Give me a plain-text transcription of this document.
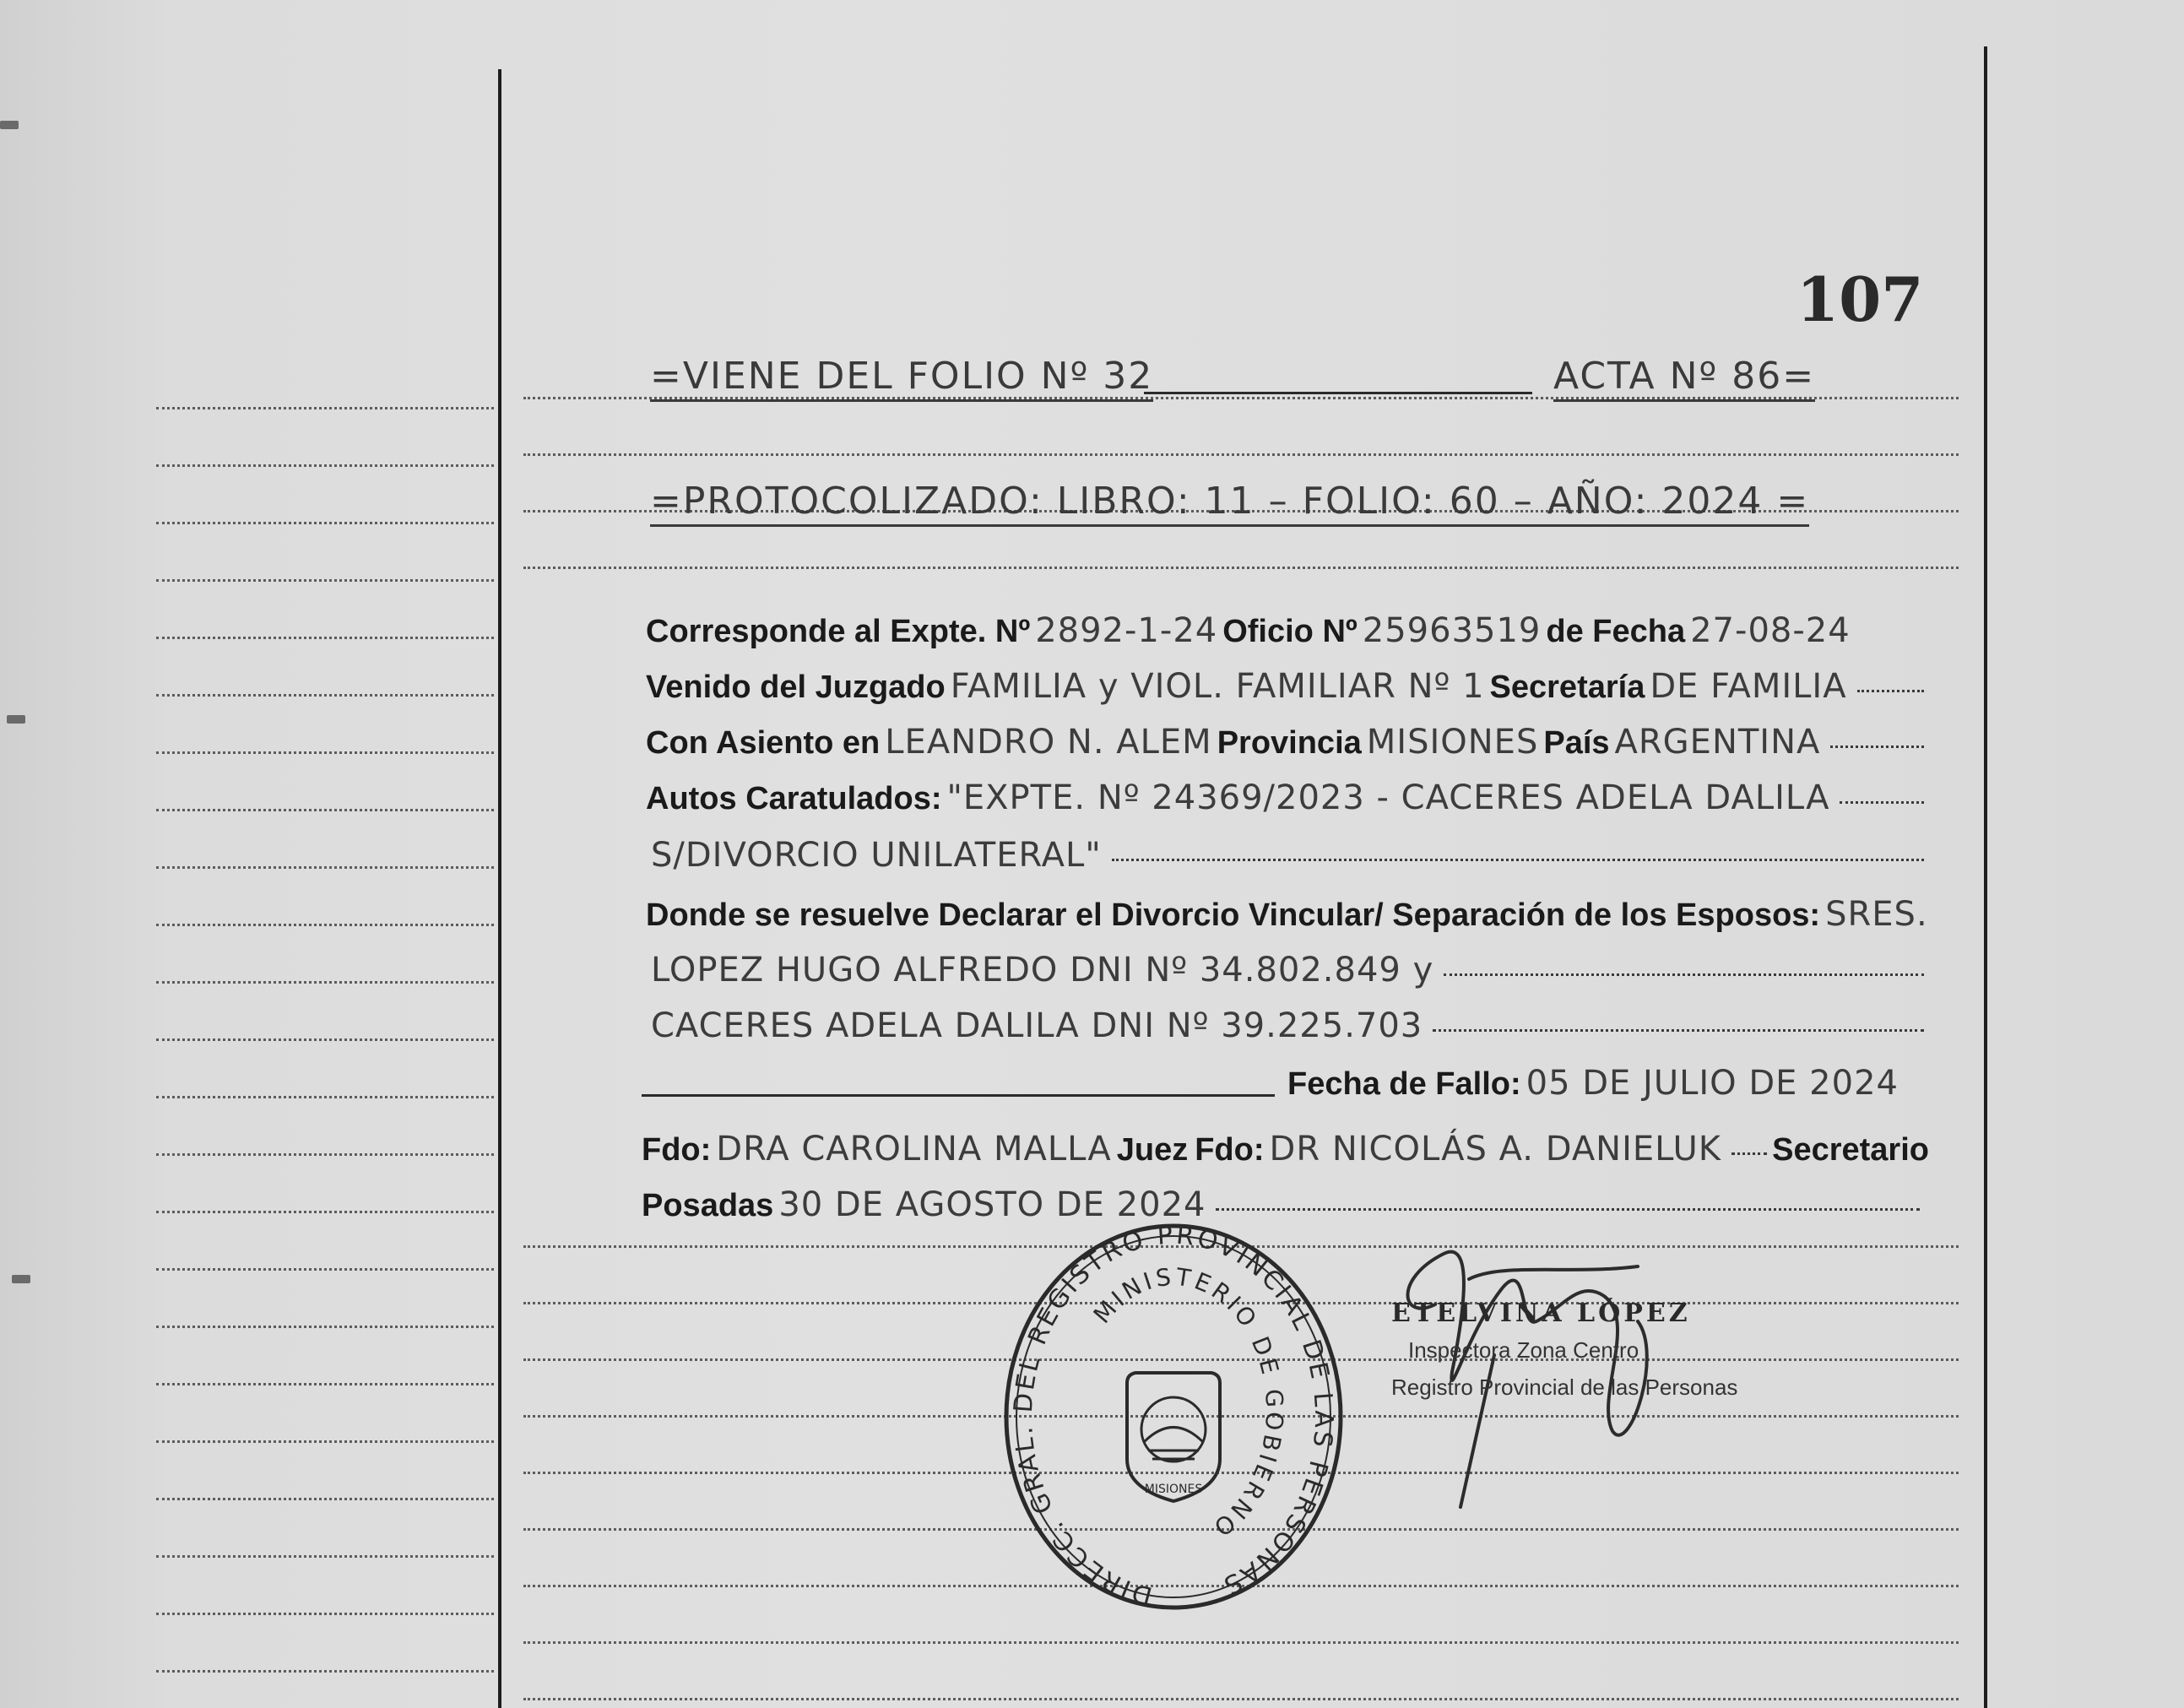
107
=VIENE DEL FOLIO Nº 32	ACTA Nº 86=
=PROTOCOLIZADO: LIBRO: 11 – FOLIO: 60 – AÑO: 2024 =
Corresponde al Expte. Nº 2892-1-24 Oficio Nº 25963519 de Fecha 27-08-24
Venido del Juzgado FAMILIA y VIOL. FAMILIAR Nº 1 Secretaría DE FAMILIA
Con Asiento en LEANDRO N. ALEM Provincia MISIONES País ARGENTINA
Autos Caratulados: "EXPTE. Nº 24369/2023 - CACERES ADELA DALILA
S/DIVORCIO UNILATERAL"
Donde se resuelve Declarar el Divorcio Vincular/ Separación de los Esposos: SRES.
LOPEZ HUGO ALFREDO DNI Nº 34.802.849 y
CACERES ADELA DALILA DNI Nº 39.225.703
Fecha de Fallo: 05 DE JULIO DE 2024
Fdo: DRA CAROLINA MALLA Juez Fdo: DR NICOLÁS A. DANIELUK Secretario
Posadas 30 DE AGOSTO DE 2024
DIRECC. GRAL. DEL REGISTRO PROVINCIAL DE LAS PERSONAS
MINISTERIO DE GOBIERNO
MISIONES
ETELVINA LÓPEZ
Inspectora Zona Centro
Registro Provincial de las Personas
